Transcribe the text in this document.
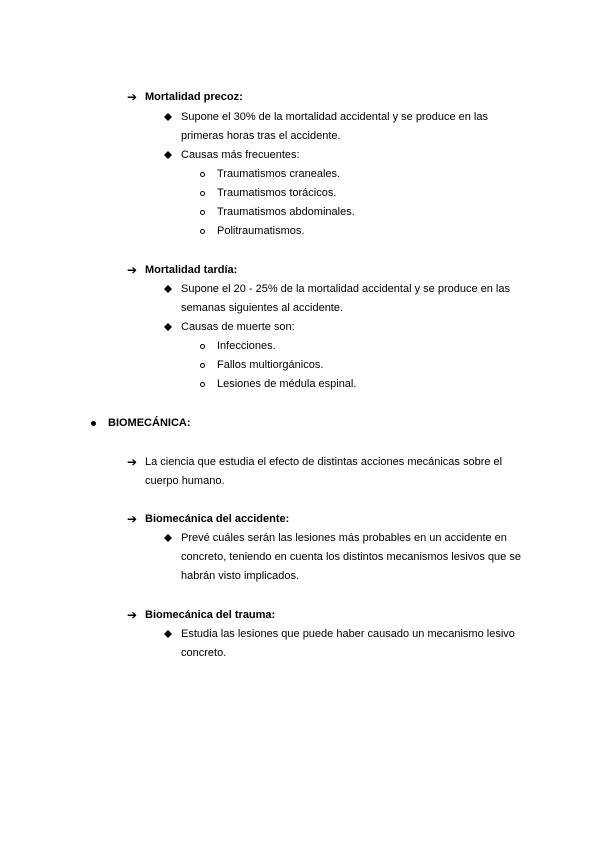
➔ Mortalidad precoz:
Supone el 30% de la mortalidad accidental y se produce en las
primeras horas tras el accidente.
Causas más frecuentes:
Traumatismos craneales.
Traumatismos torácicos.
Traumatismos abdominales.
Politraumatismos.
➔ Mortalidad tardía:
Supone el 20 - 25% de la mortalidad accidental y se produce en las
semanas siguientes al accidente.
Causas de muerte son:
Infecciones.
Fallos multiorgánicos.
Lesiones de médula espinal.
BIOMECÁNICA:
➔ La ciencia que estudia el efecto de distintas acciones mecánicas sobre el
cuerpo humano.
➔ Biomecánica del accidente:
Prevé cuáles serán las lesiones más probables en un accidente en
concreto, teniendo en cuenta los distintos mecanismos lesivos que se
habrán visto implicados.
➔ Biomecánica del trauma:
Estudia las lesiones que puede haber causado un mecanismo lesivo
concreto.
